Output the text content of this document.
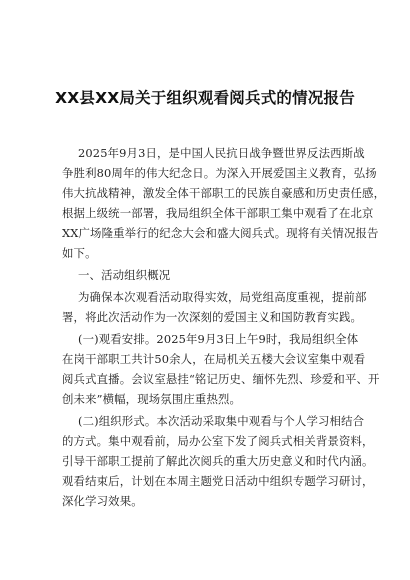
XX县XX局关于组织观看阅兵式的情况报告
2025年9月3日，是中国人民抗日战争暨世界反法西斯战
争胜利80周年的伟大纪念日。为深入开展爱国主义教育，弘扬
伟大抗战精神，激发全体干部职工的民族自豪感和历史责任感，
根据上级统一部署，我局组织全体干部职工集中观看了在北京
XX广场隆重举行的纪念大会和盛大阅兵式。现将有关情况报告
如下。
一、活动组织概况
为确保本次观看活动取得实效，局党组高度重视，提前部
署，将此次活动作为一次深刻的爱国主义和国防教育实践。
(一)观看安排。2025年9月3日上午9时，我局组织全体
在岗干部职工共计50余人，在局机关五楼大会议室集中观看
阅兵式直播。会议室悬挂“铭记历史、缅怀先烈、珍爱和平、开
创未来”横幅，现场氛围庄重热烈。
(二)组织形式。本次活动采取集中观看与个人学习相结合
的方式。集中观看前，局办公室下发了阅兵式相关背景资料，
引导干部职工提前了解此次阅兵的重大历史意义和时代内涵。
观看结束后，计划在本周主题党日活动中组织专题学习研讨，
深化学习效果。
